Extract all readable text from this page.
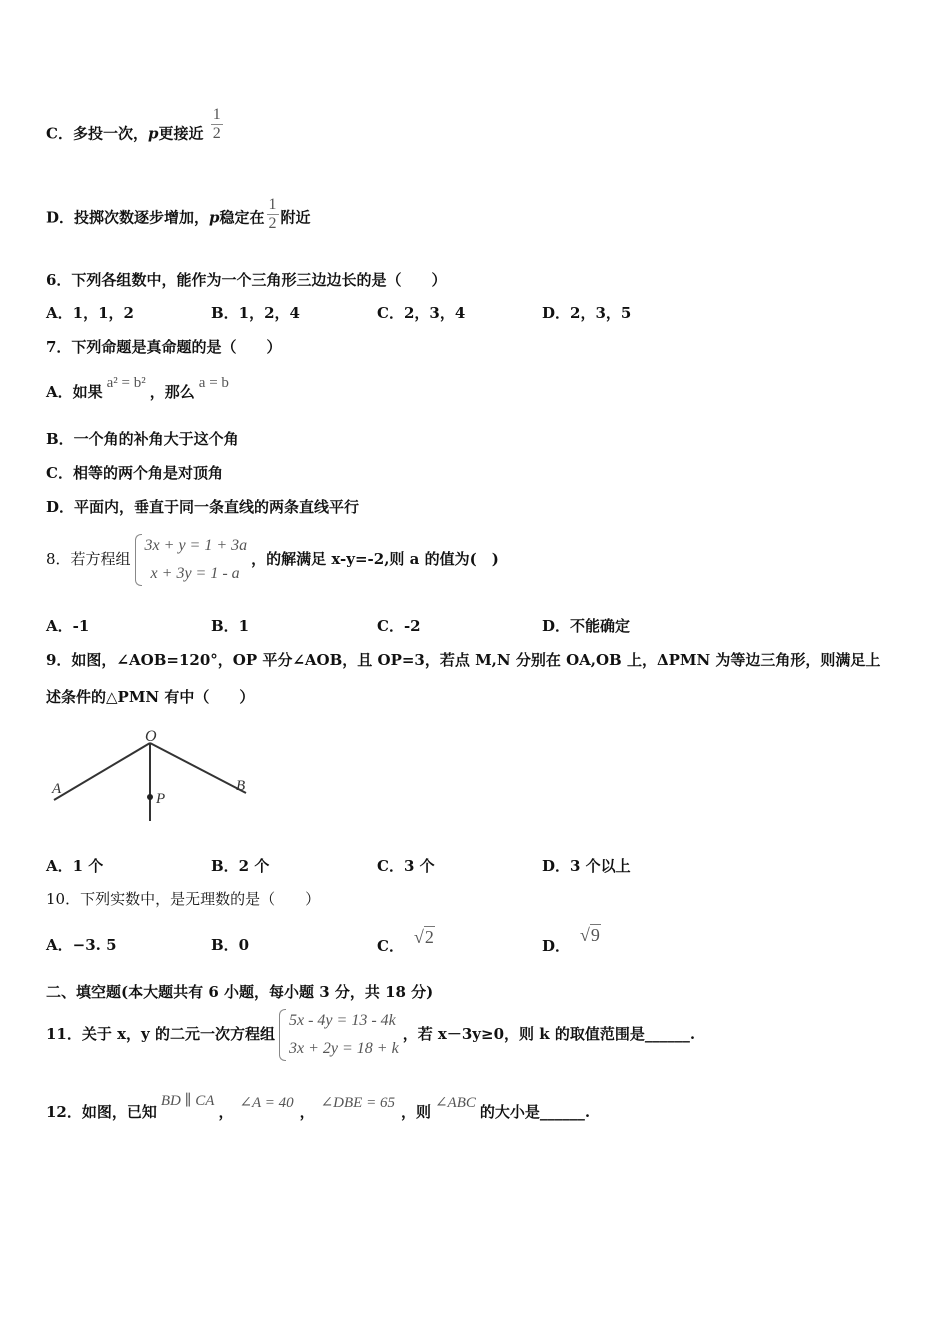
C．多投一次，p更接近 $\frac{1}{2}$
D．投掷次数逐步增加，p稳定在 $\frac{1}{2}$ 附近
6．下列各组数中，能作为一个三角形三边边长的是（　　）
A．1，1，2	B．1，2，4	C．2，3，4	D．2，3，5
7．下列命题是真命题的是（　　）
A．如果 a² = b² ，那么 a = b
B．一个角的补角大于这个角
C．相等的两个角是对顶角
D．平面内，垂直于同一条直线的两条直线平行
8．若方程组
3x + y = 1 + 3a
x + 3y = 1 - a
，的解满足 x-y=-2,则 a 的值为(　)
A．-1	B．1	C．-2	D．不能确定
9．如图，∠AOB=120°，OP 平分∠AOB，且 OP=3，若点 M,N 分别在 OA,OB 上，ΔPMN 为等边三角形，则满足上
述条件的△PMN 有中（　　）
O
A	B
P
A．1 个	B．2 个	C．3 个	D．3 个以上
10．下列实数中，是无理数的是（　　）
A．−3. 5	B．0	C． √2	D．√9
二、填空题(本大题共有 6 小题，每小题 3 分，共 18 分)
11．关于 x，y 的二元一次方程组
5x - 4y = 13 - 4k
3x + 2y = 18 + k
，若 x－3y≥0，则 k 的取值范围是______.
12．如图，已知BD ∥ CA， ∠A = 40 ， ∠DBE = 65 ，则 ∠ABC 的大小是______.
